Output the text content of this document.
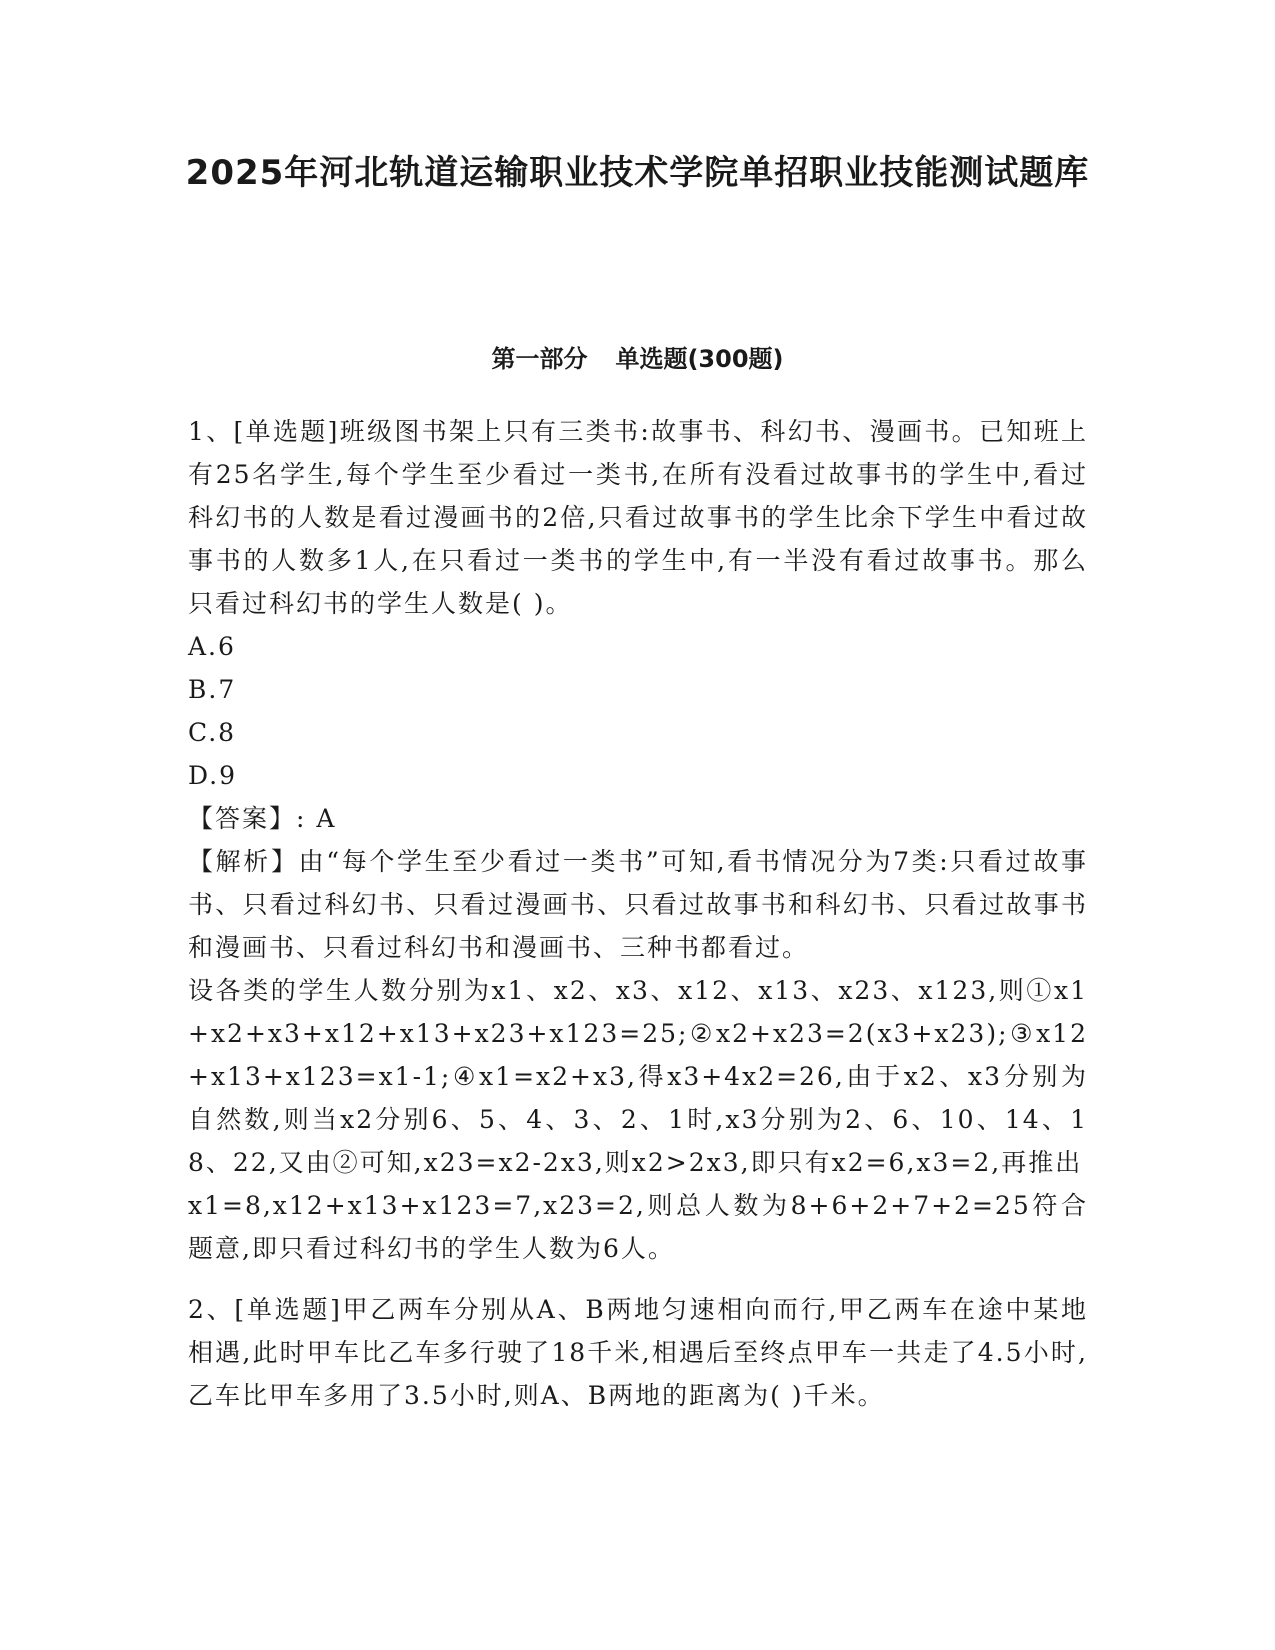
2025年河北轨道运输职业技术学院单招职业技能测试题库
第一部分 单选题(300题)

1、[单选题]班级图书架上只有三类书:故事书、科幻书、漫画书。已知班上有25名学生,每个学生至少看过一类书,在所有没看过故事书的学生中,看过科幻书的人数是看过漫画书的2倍,只看过故事书的学生比余下学生中看过故事书的人数多1人,在只看过一类书的学生中,有一半没有看过故事书。那么只看过科幻书的学生人数是( )。

A.6

B.7

C.8

D.9

【答案】: A

【解析】由“每个学生至少看过一类书”可知,看书情况分为7类:只看过故事书、只看过科幻书、只看过漫画书、只看过故事书和科幻书、只看过故事书和漫画书、只看过科幻书和漫画书、三种书都看过。

设各类的学生人数分别为x1、x2、x3、x12、x13、x23、x123,则①x1+x2+x3+x12+x13+x23+x123=25;②x2+x23=2(x3+x23);③x12+x13+x123=x1-1;④x1=x2+x3,得x3+4x2=26,由于x2、x3分别为自然数,则当x2分别6、5、4、3、2、1时,x3分别为2、6、10、14、18、22,又由②可知,x23=x2-2x3,则x2>2x3,即只有x2=6,x3=2,再推出

x1=8,x12+x13+x123=7,x23=2,则总人数为8+6+2+7+2=25符合题意,即只看过科幻书的学生人数为6人。

2、[单选题]甲乙两车分别从A、B两地匀速相向而行,甲乙两车在途中某地相遇,此时甲车比乙车多行驶了18千米,相遇后至终点甲车一共走了4.5小时,乙车比甲车多用了3.5小时,则A、B两地的距离为( )千米。
